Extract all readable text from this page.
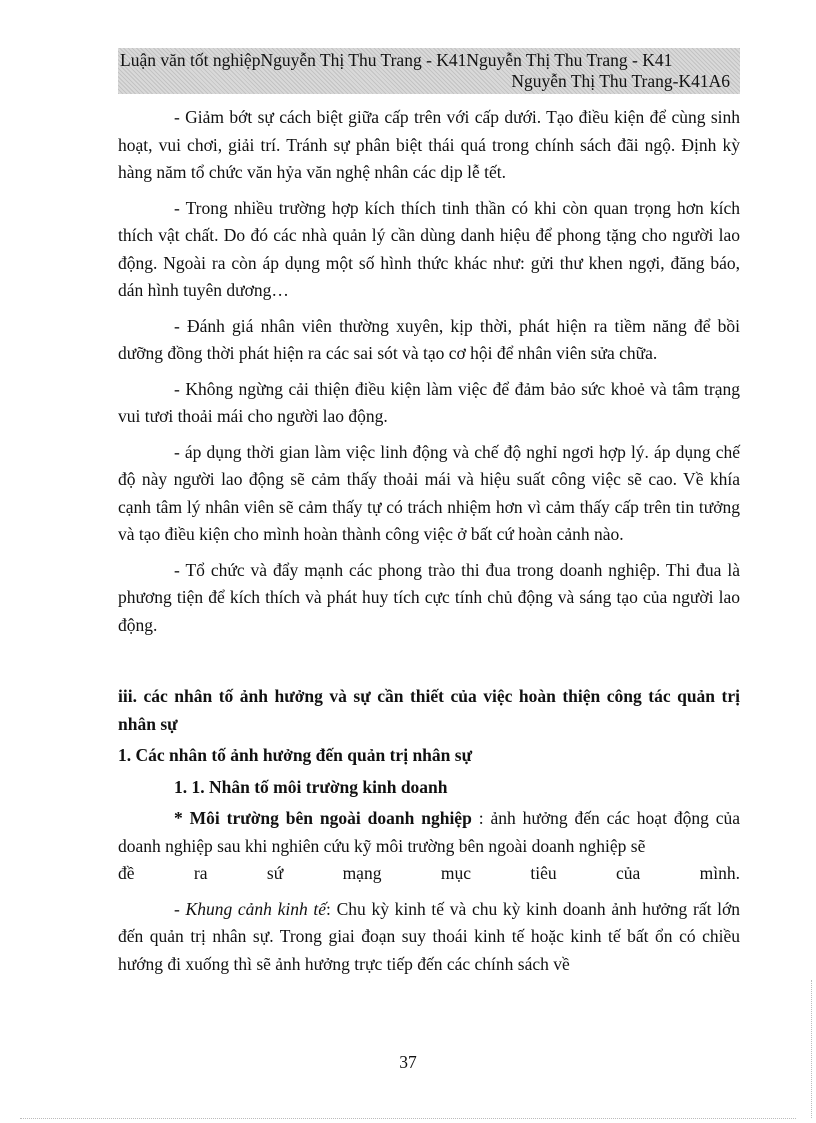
Luận văn tốt nghiệpNguyễn Thị Thu Trang - K41Nguyễn Thị Thu Trang - K41
Nguyễn Thị Thu Trang-K41A6

- Giảm bớt sự cách biệt giữa cấp trên với cấp dưới. Tạo điều kiện để cùng sinh hoạt, vui chơi, giải trí. Tránh sự phân biệt thái quá trong chính sách đãi ngộ. Định kỳ hàng năm tổ chức văn hỷa văn nghệ nhân các dịp lễ tết.

- Trong nhiều trường hợp kích thích tinh thần có khi còn quan trọng hơn kích thích vật chất. Do đó các nhà quản lý cần dùng danh hiệu để phong tặng cho người lao động. Ngoài ra còn áp dụng một số hình thức khác như: gửi thư khen ngợi, đăng báo, dán hình tuyên dương…

- Đánh giá nhân viên thường xuyên, kịp thời, phát hiện ra tiềm năng để bồi dưỡng đồng thời phát hiện ra các sai sót và tạo cơ hội để nhân viên sửa chữa.

- Không ngừng cải thiện điều kiện làm việc để đảm bảo sức khoẻ và tâm trạng vui tươi thoải mái cho người lao động.

- áp dụng thời gian làm việc linh động và chế độ nghỉ ngơi hợp lý. áp dụng chế độ này người lao động sẽ cảm thấy thoải mái và hiệu suất công việc sẽ cao. Về khía cạnh tâm lý nhân viên sẽ cảm thấy tự có trách nhiệm hơn vì cảm thấy cấp trên tin tưởng và tạo điều kiện cho mình hoàn thành công việc ở bất cứ hoàn cảnh nào.

- Tổ chức và đẩy mạnh các phong trào thi đua trong doanh nghiệp. Thi đua là phương tiện để kích thích và phát huy tích cực tính chủ động và sáng tạo của người lao động.

iii. các nhân tố ảnh hưởng và sự cần thiết của việc hoàn thiện công tác quản trị nhân sự

1. Các nhân tố ảnh hưởng đến quản trị nhân sự

1. 1. Nhân tố môi trường kinh doanh

* Môi trường bên ngoài doanh nghiệp : ảnh hưởng đến các hoạt động của doanh nghiệp sau khi nghiên cứu kỹ môi trường bên ngoài doanh nghiệp sẽ

đề	ra	sứ	mạng	mục	tiêu	của	mình.

- Khung cảnh kinh tế: Chu kỳ kinh tế và chu kỳ kinh doanh ảnh hưởng rất lớn đến quản trị nhân sự. Trong giai đoạn suy thoái kinh tế hoặc kinh tế bất ổn có chiều hướng đi xuống thì sẽ ảnh hưởng trực tiếp đến các chính sách về

37
